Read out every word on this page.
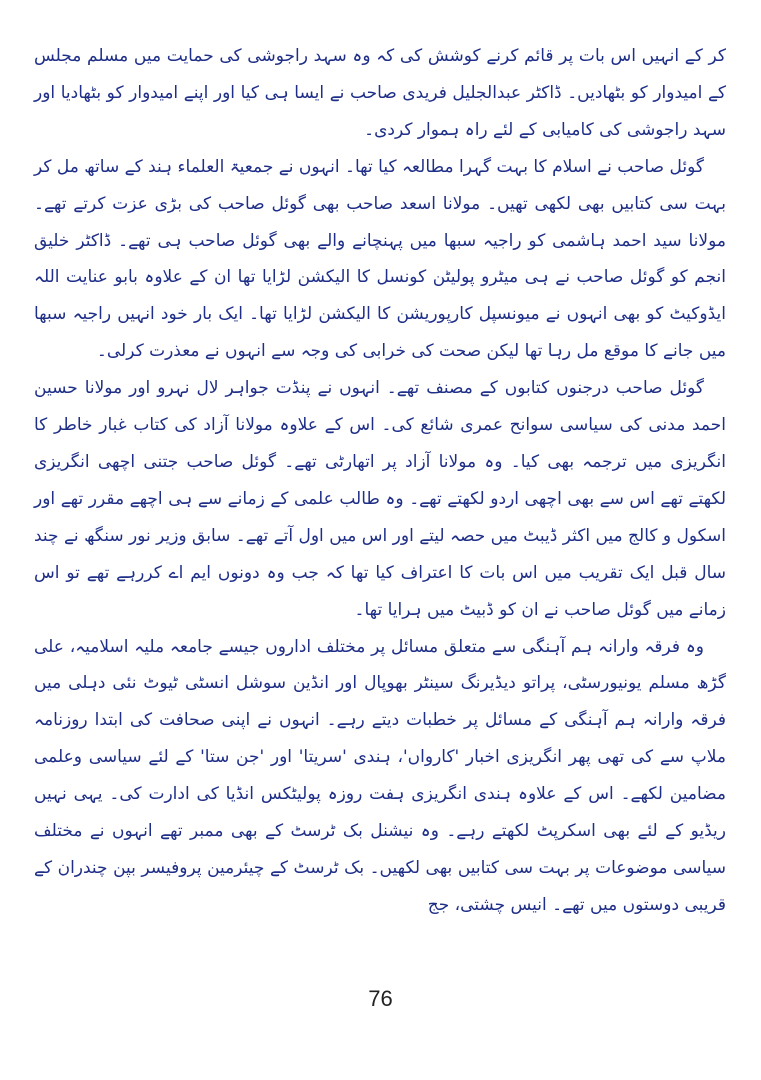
کر کے انہیں اس بات پر قائم کرنے کوشش کی کہ وہ سہد راجوشی کی حمایت میں مسلم مجلس کے امیدوار کو بٹھادیں۔ ڈاکٹر عبدالجلیل فریدی صاحب نے ایسا ہی کیا اور اپنے امیدوار کو بٹھادیا اور سہد راجوشی کی کامیابی کے لئے راہ ہموار کردی۔

گوئل صاحب نے اسلام کا بہت گہرا مطالعہ کیا تھا۔ انہوں نے جمعیۃ العلماء ہند کے ساتھ مل کر بہت سی کتابیں بھی لکھی تھیں۔ مولانا اسعد صاحب بھی گوئل صاحب کی بڑی عزت کرتے تھے۔ مولانا سید احمد ہاشمی کو راجیہ سبھا میں پہنچانے والے بھی گوئل صاحب ہی تھے۔ ڈاکٹر خلیق انجم کو گوئل صاحب نے ہی میٹرو پولیٹن کونسل کا الیکشن لڑایا تھا ان کے علاوہ بابو عنایت اللہ ایڈوکیٹ کو بھی انہوں نے میونسپل کارپوریشن کا الیکشن لڑایا تھا۔ ایک بار خود انہیں راجیہ سبھا میں جانے کا موقع مل رہا تھا لیکن صحت کی خرابی کی وجہ سے انہوں نے معذرت کرلی۔

گوئل صاحب درجنوں کتابوں کے مصنف تھے۔ انہوں نے پنڈت جواہر لال نہرو اور مولانا حسین احمد مدنی کی سیاسی سوانح عمری شائع کی۔ اس کے علاوہ مولانا آزاد کی کتاب غبار خاطر کا انگریزی میں ترجمہ بھی کیا۔ وہ مولانا آزاد پر اتھارٹی تھے۔ گوئل صاحب جتنی اچھی انگریزی لکھتے تھے اس سے بھی اچھی اردو لکھتے تھے۔ وہ طالب علمی کے زمانے سے ہی اچھے مقرر تھے اور اسکول و کالج میں اکثر ڈیبٹ میں حصہ لیتے اور اس میں اول آتے تھے۔ سابق وزیر نور سنگھ نے چند سال قبل ایک تقریب میں اس بات کا اعتراف کیا تھا کہ جب وہ دونوں ایم اے کررہے تھے تو اس زمانے میں گوئل صاحب نے ان کو ڈبیٹ میں ہرایا تھا۔

وہ فرقہ وارانہ ہم آہنگی سے متعلق مسائل پر مختلف اداروں جیسے جامعہ ملیہ اسلامیہ، علی گڑھ مسلم یونیورسٹی، پراتو دیڈیرنگ سینٹر بھوپال اور انڈین سوشل انسٹی ٹیوٹ نئی دہلی میں فرقہ وارانہ ہم آہنگی کے مسائل پر خطبات دیتے رہے۔ انہوں نے اپنی صحافت کی ابتدا روزنامہ ملاپ سے کی تھی پھر انگریزی اخبار 'کارواں'، ہندی 'سریتا' اور 'جن ستا' کے لئے سیاسی وعلمی مضامین لکھے۔ اس کے علاوہ ہندی انگریزی ہفت روزہ پولیٹکس انڈیا کی ادارت کی۔ یہی نہیں ریڈیو کے لئے بھی اسکرپٹ لکھتے رہے۔ وہ نیشنل بک ٹرسٹ کے بھی ممبر تھے انہوں نے مختلف سیاسی موضوعات پر بہت سی کتابیں بھی لکھیں۔ بک ٹرسٹ کے چیئرمین پروفیسر بپن چندران کے قریبی دوستوں میں تھے۔ انیس چشتی، جج

76
